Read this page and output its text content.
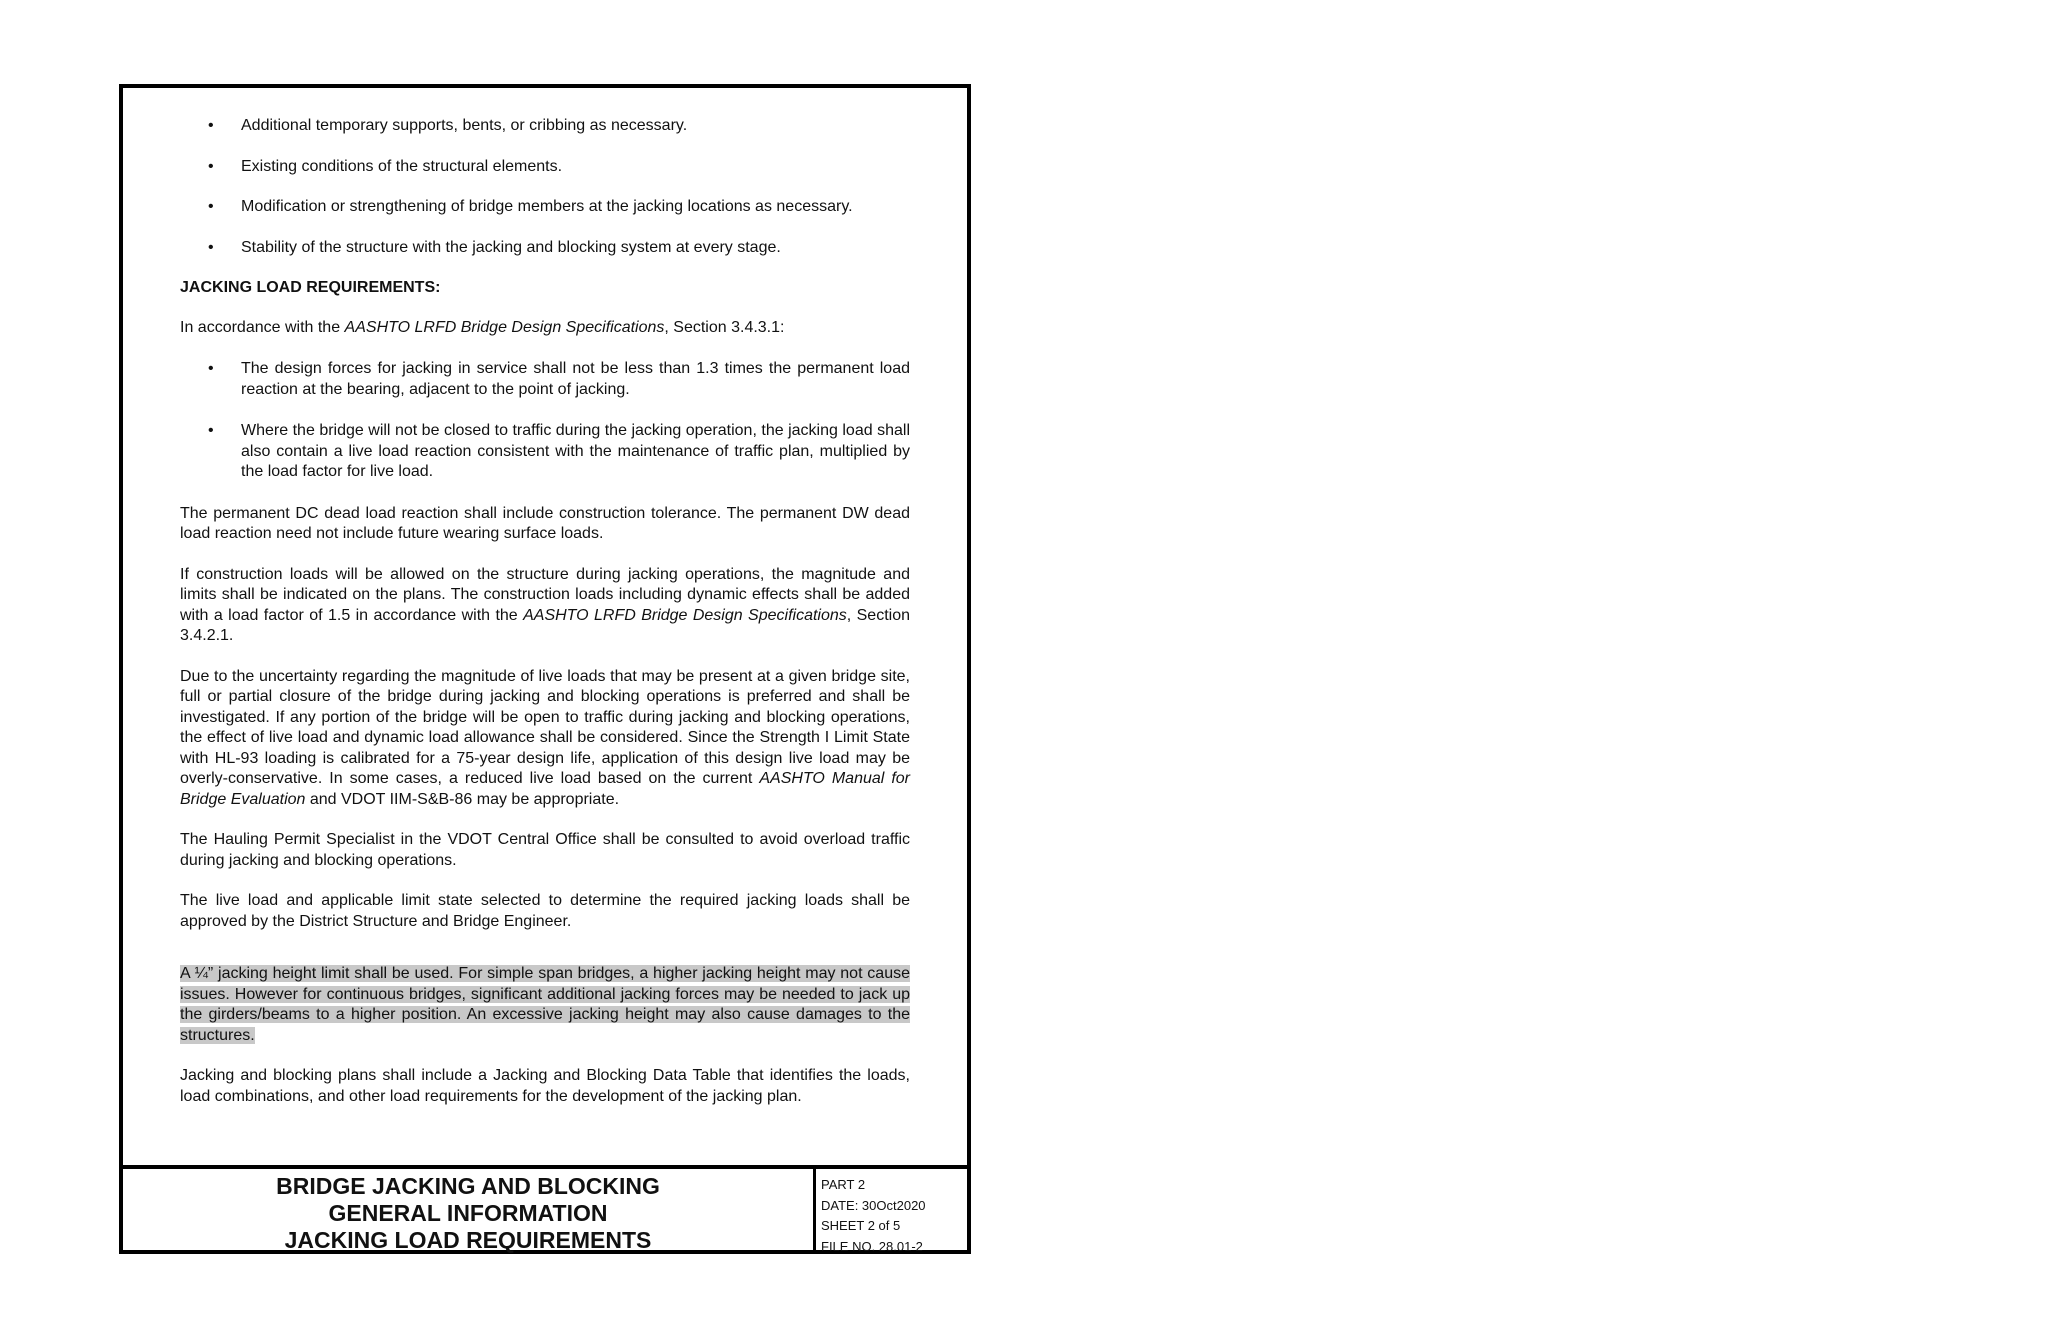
• Additional temporary supports, bents, or cribbing as necessary.
• Existing conditions of the structural elements.
• Modification or strengthening of bridge members at the jacking locations as necessary.
• Stability of the structure with the jacking and blocking system at every stage.

JACKING LOAD REQUIREMENTS:

In accordance with the AASHTO LRFD Bridge Design Specifications, Section 3.4.3.1:

• The design forces for jacking in service shall not be less than 1.3 times the permanent load reaction at the bearing, adjacent to the point of jacking.
• Where the bridge will not be closed to traffic during the jacking operation, the jacking load shall also contain a live load reaction consistent with the maintenance of traffic plan, multiplied by the load factor for live load.

The permanent DC dead load reaction shall include construction tolerance. The permanent DW dead load reaction need not include future wearing surface loads.

If construction loads will be allowed on the structure during jacking operations, the magnitude and limits shall be indicated on the plans. The construction loads including dynamic effects shall be added with a load factor of 1.5 in accordance with the AASHTO LRFD Bridge Design Specifications, Section 3.4.2.1.

Due to the uncertainty regarding the magnitude of live loads that may be present at a given bridge site, full or partial closure of the bridge during jacking and blocking operations is preferred and shall be investigated. If any portion of the bridge will be open to traffic during jacking and blocking operations, the effect of live load and dynamic load allowance shall be considered. Since the Strength I Limit State with HL-93 loading is calibrated for a 75-year design life, application of this design live load may be overly-conservative. In some cases, a reduced live load based on the current AASHTO Manual for Bridge Evaluation and VDOT IIM-S&B-86 may be appropriate.

The Hauling Permit Specialist in the VDOT Central Office shall be consulted to avoid overload traffic during jacking and blocking operations.

The live load and applicable limit state selected to determine the required jacking loads shall be approved by the District Structure and Bridge Engineer.

A ¼” jacking height limit shall be used. For simple span bridges, a higher jacking height may not cause issues. However for continuous bridges, significant additional jacking forces may be needed to jack up the girders/beams to a higher position. An excessive jacking height may also cause damages to the structures.

Jacking and blocking plans shall include a Jacking and Blocking Data Table that identifies the loads, load combinations, and other load requirements for the development of the jacking plan.

BRIDGE JACKING AND BLOCKING
GENERAL INFORMATION
JACKING LOAD REQUIREMENTS
PART 2
DATE: 30Oct2020
SHEET 2 of 5
FILE NO. 28.01-2
